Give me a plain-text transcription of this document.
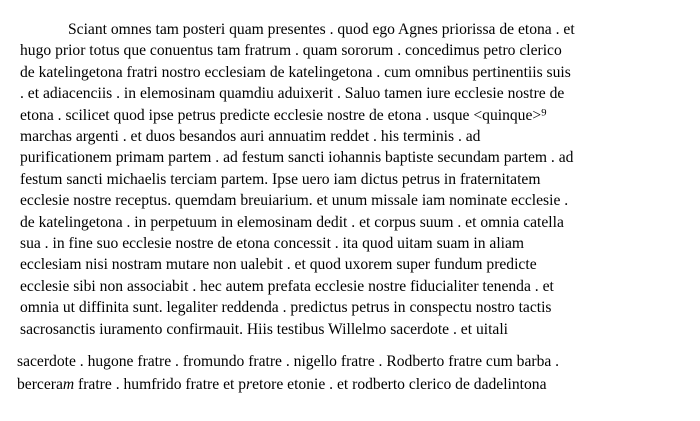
Sciant omnes tam posteri quam presentes . quod ego Agnes priorissa de etona . et
hugo prior totus que conuentus tam fratrum . quam sororum . concedimus petro clerico
de katelingetona fratri nostro ecclesiam de katelingetona . cum omnibus pertinentiis suis
. et adiacenciis . in elemosinam quamdiu aduixerit . Saluo tamen iure ecclesie nostre de
etona . scilicet quod ipse petrus predicte ecclesie nostre de etona . usque <quinque>⁹
marchas argenti . et duos besandos auri annuatim reddet . his terminis . ad
purificationem primam partem . ad festum sancti iohannis baptiste secundam partem . ad
festum sancti michaelis terciam partem. Ipse uero iam dictus petrus in fraternitatem
ecclesie nostre receptus. quemdam breuiarium. et unum missale iam nominate ecclesie .
de katelingetona . in perpetuum in elemosinam dedit . et corpus suum . et omnia catella
sua . in fine suo ecclesie nostre de etona concessit . ita quod uitam suam in aliam
ecclesiam nisi nostram mutare non ualebit . et quod uxorem super fundum predicte
ecclesie sibi non associabit . hec autem prefata ecclesie nostre fiducialiter tenenda . et
omnia ut diffinita sunt. legaliter reddenda . predictus petrus in conspectu nostro tactis
sacrosanctis iuramento confirmauit. Hiis testibus Willelmo sacerdote . et uitali
sacerdote . hugone fratre . fromundo fratre . nigello fratre . Rodberto fratre cum barba .
berceram fratre . humfrido fratre et pretore etonie . et rodberto clerico de dadelintona
